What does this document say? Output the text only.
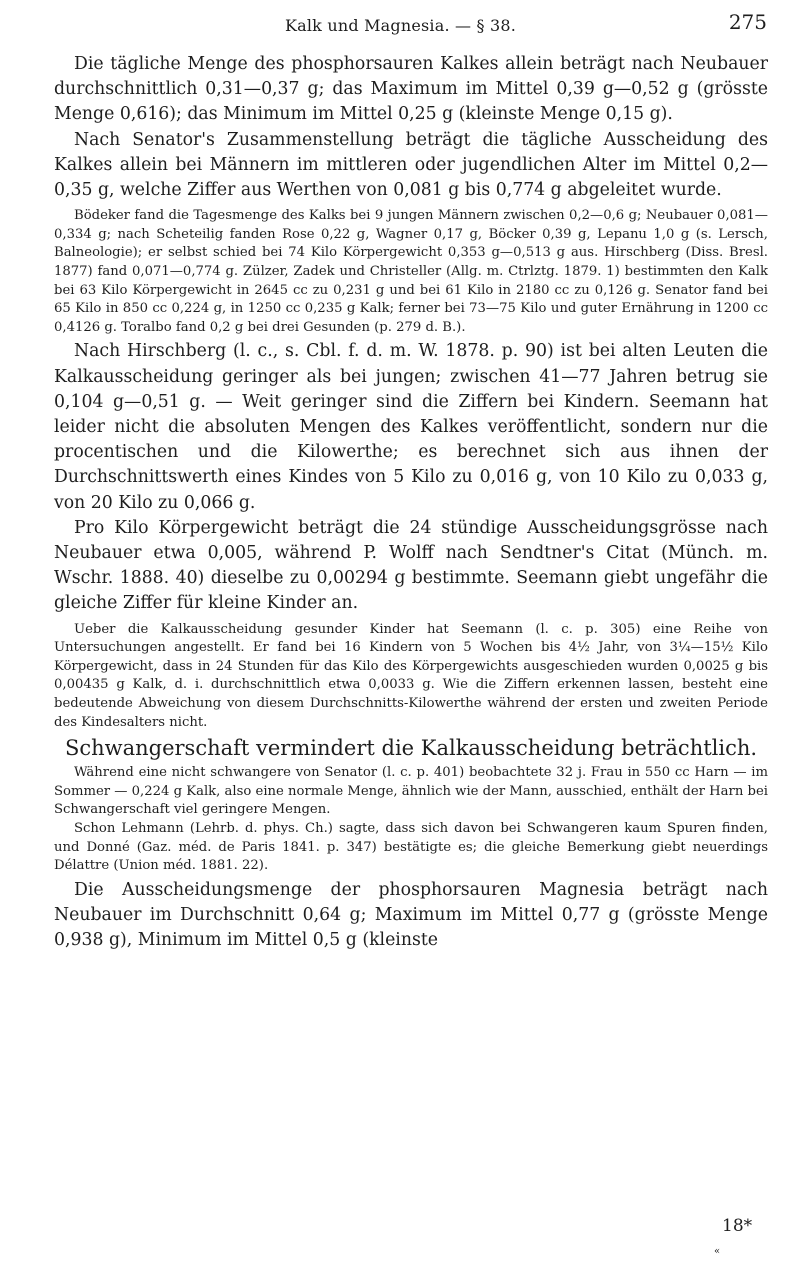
Kalk und Magnesia. — § 38.	275

Die tägliche Menge des phosphorsauren Kalkes allein beträgt nach Neubauer durchschnittlich 0,31—0,37 g; das Maximum im Mittel 0,39 g—0,52 g (grösste Menge 0,616); das Minimum im Mittel 0,25 g (kleinste Menge 0,15 g).

Nach Senator's Zusammenstellung beträgt die tägliche Ausscheidung des Kalkes allein bei Männern im mittleren oder jugendlichen Alter im Mittel 0,2—0,35 g, welche Ziffer aus Werthen von 0,081 g bis 0,774 g abgeleitet wurde.

Bödeker fand die Tagesmenge des Kalks bei 9 jungen Männern zwischen 0,2—0,6 g; Neubauer 0,081—0,334 g; nach Scheteilig fanden Rose 0,22 g, Wagner 0,17 g, Böcker 0,39 g, Lepanu 1,0 g (s. Lersch, Balneologie); er selbst schied bei 74 Kilo Körpergewicht 0,353 g—0,513 g aus. Hirschberg (Diss. Bresl. 1877) fand 0,071—0,774 g. Zülzer, Zadek und Christeller (Allg. m. Ctrlztg. 1879. 1) bestimmten den Kalk bei 63 Kilo Körpergewicht in 2645 cc zu 0,231 g und bei 61 Kilo in 2180 cc zu 0,126 g. Senator fand bei 65 Kilo in 850 cc 0,224 g, in 1250 cc 0,235 g Kalk; ferner bei 73—75 Kilo und guter Ernährung in 1200 cc 0,4126 g. Toralbo fand 0,2 g bei drei Gesunden (p. 279 d. B.).

Nach Hirschberg (l. c., s. Cbl. f. d. m. W. 1878. p. 90) ist bei alten Leuten die Kalkausscheidung geringer als bei jungen; zwischen 41—77 Jahren betrug sie 0,104 g—0,51 g. — Weit geringer sind die Ziffern bei Kindern. Seemann hat leider nicht die absoluten Mengen des Kalkes veröffentlicht, sondern nur die procentischen und die Kilowerthe; es berechnet sich aus ihnen der Durchschnittswerth eines Kindes von 5 Kilo zu 0,016 g, von 10 Kilo zu 0,033 g, von 20 Kilo zu 0,066 g.

Pro Kilo Körpergewicht beträgt die 24 stündige Ausscheidungsgrösse nach Neubauer etwa 0,005, während P. Wolff nach Sendtner's Citat (Münch. m. Wschr. 1888. 40) dieselbe zu 0,00294 g bestimmte. Seemann giebt ungefähr die gleiche Ziffer für kleine Kinder an.

Ueber die Kalkausscheidung gesunder Kinder hat Seemann (l. c. p. 305) eine Reihe von Untersuchungen angestellt. Er fand bei 16 Kindern von 5 Wochen bis 4½ Jahr, von 3¼—15½ Kilo Körpergewicht, dass in 24 Stunden für das Kilo des Körpergewichts ausgeschieden wurden 0,0025 g bis 0,00435 g Kalk, d. i. durchschnittlich etwa 0,0033 g. Wie die Ziffern erkennen lassen, besteht eine bedeutende Abweichung von diesem Durchschnitts-Kilowerthe während der ersten und zweiten Periode des Kindesalters nicht.

Schwangerschaft vermindert die Kalkausscheidung beträchtlich.

Während eine nicht schwangere von Senator (l. c. p. 401) beobachtete 32 j. Frau in 550 cc Harn — im Sommer — 0,224 g Kalk, also eine normale Menge, ähnlich wie der Mann, ausschied, enthält der Harn bei Schwangerschaft viel geringere Mengen.

Schon Lehmann (Lehrb. d. phys. Ch.) sagte, dass sich davon bei Schwangeren kaum Spuren finden, und Donné (Gaz. méd. de Paris 1841. p. 347) bestätigte es; die gleiche Bemerkung giebt neuerdings Délattre (Union méd. 1881. 22).

Die Ausscheidungsmenge der phosphorsauren Magnesia beträgt nach Neubauer im Durchschnitt 0,64 g; Maximum im Mittel 0,77 g (grösste Menge 0,938 g), Minimum im Mittel 0,5 g (kleinste

18*
«
